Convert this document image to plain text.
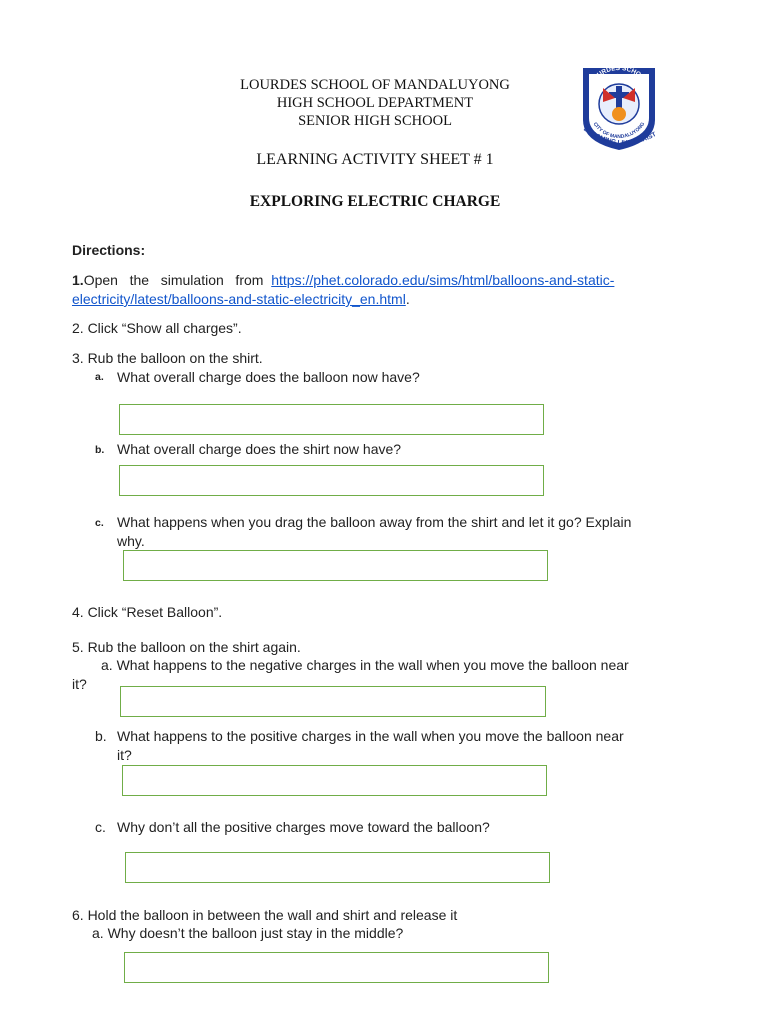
LOURDES SCHOOL OF MANDALUYONG
HIGH SCHOOL DEPARTMENT
SENIOR HIGH SCHOOL
LEARNING ACTIVITY SHEET # 1
EXPLORING ELECTRIC CHARGE
LOURDES SCHOOL
CITY OF MANDALUYONG
BECOMING LIKE CHRIST
Directions:
1.Open   the   simulation   from  https://phet.colorado.edu/sims/html/balloons-and-static-
electricity/latest/balloons-and-static-electricity_en.html.
2. Click “Show all charges”.
3. Rub the balloon on the shirt.
a. What overall charge does the balloon now have?
b. What overall charge does the shirt now have?
c. What happens when you drag the balloon away from the shirt and let it go? Explain
why.
4. Click “Reset Balloon”.
5. Rub the balloon on the shirt again.
a. What happens to the negative charges in the wall when you move the balloon near
it?
b. What happens to the positive charges in the wall when you move the balloon near
it?
c. Why don’t all the positive charges move toward the balloon?
6. Hold the balloon in between the wall and shirt and release it
a. Why doesn’t the balloon just stay in the middle?
